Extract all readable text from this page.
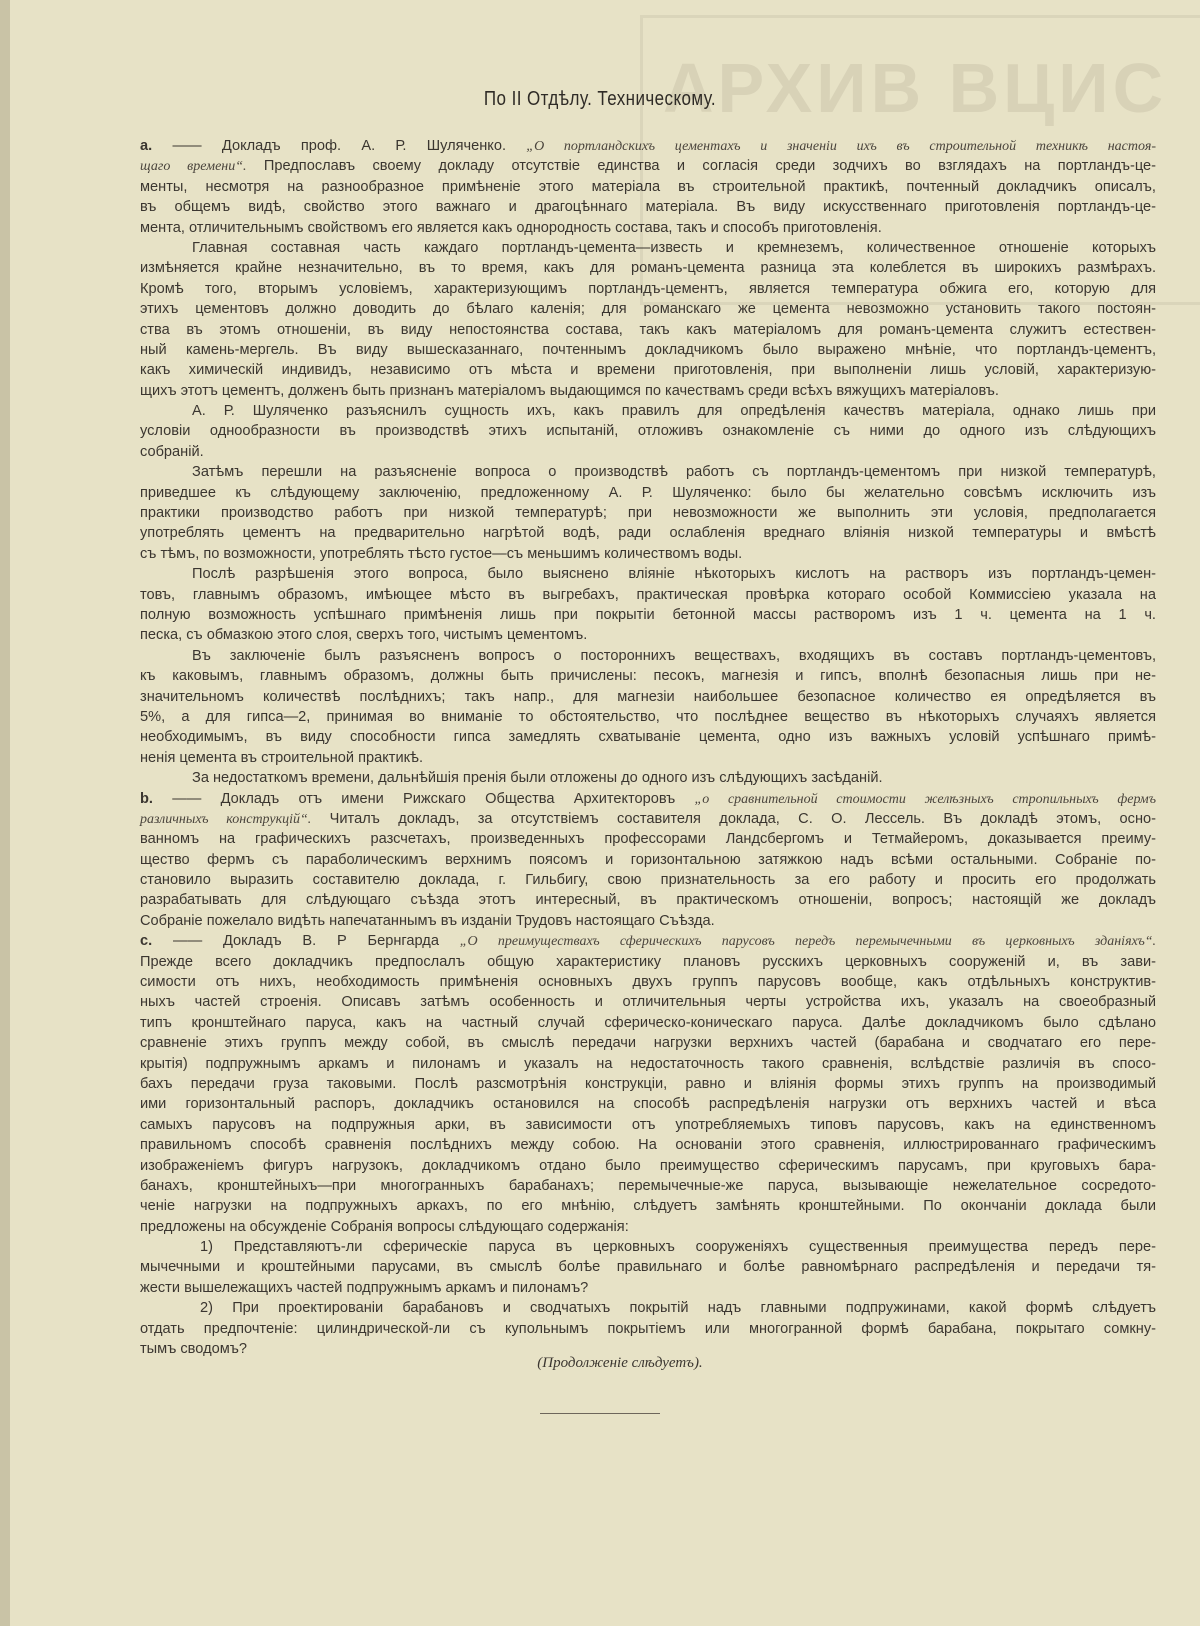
АРХИВ ВЦИС
По II Отдѣлу. Техническому.
а. —— Докладъ проф. А. Р. Шуляченко. „О портландскихъ цементахъ и значеніи ихъ въ строительной техникѣ настоя-
щаго времени“. Предпославъ своему докладу отсутствіе единства и согласія среди зодчихъ во взглядахъ на портландъ-це-
менты, несмотря на разнообразное примѣненіе этого матеріала въ строительной практикѣ, почтенный докладчикъ описалъ,
въ общемъ видѣ, свойство этого важнаго и драгоцѣннаго матеріала. Въ виду искусственнаго приготовленія портландъ-це-
мента, отличительнымъ свойствомъ его является какъ однородность состава, такъ и способъ приготовленія.
Главная составная часть каждаго портландъ-цемента—известь и кремнеземъ, количественное отношеніе которыхъ
измѣняется крайне незначительно, въ то время, какъ для романъ-цемента разница эта колеблется въ широкихъ размѣрахъ.
Кромѣ того, вторымъ условіемъ, характеризующимъ портландъ-цементъ, является температура обжига его, которую для
этихъ цементовъ должно доводить до бѣлаго каленія; для романскаго же цемента невозможно установить такого постоян-
ства въ этомъ отношеніи, въ виду непостоянства состава, такъ какъ матеріаломъ для романъ-цемента служитъ естествен-
ный камень-мергель. Въ виду вышесказаннаго, почтеннымъ докладчикомъ было выражено мнѣніе, что портландъ-цементъ,
какъ химическій индивидъ, независимо отъ мѣста и времени приготовленія, при выполненіи лишь условій, характеризую-
щихъ этотъ цементъ, долженъ быть признанъ матеріаломъ выдающимся по качествамъ среди всѣхъ вяжущихъ матеріаловъ.
А. Р. Шуляченко разъяснилъ сущность ихъ, какъ правилъ для опредѣленія качествъ матеріала, однако лишь при
условіи однообразности въ производствѣ этихъ испытаній, отложивъ ознакомленіе съ ними до одного изъ слѣдующихъ
собраній.
Затѣмъ перешли на разъясненіе вопроса о производствѣ работъ съ портландъ-цементомъ при низкой температурѣ,
приведшее къ слѣдующему заключенію, предложенному А. Р. Шуляченко: было бы желательно совсѣмъ исключить изъ
практики производство работъ при низкой температурѣ; при невозможности же выполнить эти условія, предполагается
употреблять цементъ на предварительно нагрѣтой водѣ, ради ослабленія вреднаго вліянія низкой температуры и вмѣстѣ
съ тѣмъ, по возможности, употреблять тѣсто густое—съ меньшимъ количествомъ воды.
Послѣ разрѣшенія этого вопроса, было выяснено вліяніе нѣкоторыхъ кислотъ на растворъ изъ портландъ-цемен-
товъ, главнымъ образомъ, имѣющее мѣсто въ выгребахъ, практическая провѣрка котораго особой Коммиссіею указала на
полную возможность успѣшнаго примѣненія лишь при покрытіи бетонной массы растворомъ изъ 1 ч. цемента на 1 ч.
песка, съ обмазкою этого слоя, сверхъ того, чистымъ цементомъ.
Въ заключеніе былъ разъясненъ вопросъ о постороннихъ веществахъ, входящихъ въ составъ портландъ-цементовъ,
къ каковымъ, главнымъ образомъ, должны быть причислены: песокъ, магнезія и гипсъ, вполнѣ безопасныя лишь при не-
значительномъ количествѣ послѣднихъ; такъ напр., для магнезіи наибольшее безопасное количество ея опредѣляется въ
5%, а для гипса—2, принимая во вниманіе то обстоятельство, что послѣднее вещество въ нѣкоторыхъ случаяхъ является
необходимымъ, въ виду способности гипса замедлять схватываніе цемента, одно изъ важныхъ условій успѣшнаго примѣ-
ненія цемента въ строительной практикѣ.
За недостаткомъ времени, дальнѣйшія пренія были отложены до одного изъ слѣдующихъ засѣданій.
b. —— Докладъ отъ имени Рижскаго Общества Архитекторовъ „о сравнительной стоимости желѣзныхъ стропильныхъ фермъ
различныхъ конструкцій“. Читалъ докладъ, за отсутствіемъ составителя доклада, С. О. Лессель. Въ докладѣ этомъ, осно-
ванномъ на графическихъ разсчетахъ, произведенныхъ профессорами Ландсбергомъ и Тетмайеромъ, доказывается преиму-
щество фермъ съ параболическимъ верхнимъ поясомъ и горизонтальною затяжкою надъ всѣми остальными. Собраніе по-
становило выразить составителю доклада, г. Гильбигу, свою признательность за его работу и просить его продолжать
разрабатывать для слѣдующаго съѣзда этотъ интересный, въ практическомъ отношеніи, вопросъ; настоящій же докладъ
Собраніе пожелало видѣть напечатаннымъ въ изданіи Трудовъ настоящаго Съѣзда.
c. —— Докладъ В. Р Бернгарда „О преимуществахъ сферическихъ парусовъ передъ перемычечными въ церковныхъ зданіяхъ“.
Прежде всего докладчикъ предпослалъ общую характеристику плановъ русскихъ церковныхъ сооруженій и, въ зави-
симости отъ нихъ, необходимость примѣненія основныхъ двухъ группъ парусовъ вообще, какъ отдѣльныхъ конструктив-
ныхъ частей строенія. Описавъ затѣмъ особенность и отличительныя черты устройства ихъ, указалъ на своеобразный
типъ кронштейнаго паруса, какъ на частный случай сферическо-коническаго паруса. Далѣе докладчикомъ было сдѣлано
сравненіе этихъ группъ между собой, въ смыслѣ передачи нагрузки верхнихъ частей (барабана и сводчатаго его пере-
крытія) подпружнымъ аркамъ и пилонамъ и указалъ на недостаточность такого сравненія, вслѣдствіе различія въ спосо-
бахъ передачи груза таковыми. Послѣ разсмотрѣнія конструкціи, равно и вліянія формы этихъ группъ на производимый
ими горизонтальный распоръ, докладчикъ остановился на способѣ распредѣленія нагрузки отъ верхнихъ частей и вѣса
самыхъ парусовъ на подпружныя арки, въ зависимости отъ употребляемыхъ типовъ парусовъ, какъ на единственномъ
правильномъ способѣ сравненія послѣднихъ между собою. На основаніи этого сравненія, иллюстрированнаго графическимъ
изображеніемъ фигуръ нагрузокъ, докладчикомъ отдано было преимущество сферическимъ парусамъ, при круговыхъ бара-
банахъ, кронштейныхъ—при многогранныхъ барабанахъ; перемычечные-же паруса, вызывающіе нежелательное сосредото-
ченіе нагрузки на подпружныхъ аркахъ, по его мнѣнію, слѣдуетъ замѣнять кронштейными. По окончаніи доклада были
предложены на обсужденіе Собранія вопросы слѣдующаго содержанія:
1) Представляютъ-ли сферическіе паруса въ церковныхъ сооруженіяхъ существенныя преимущества передъ пере-
мычечными и кроштейными парусами, въ смыслѣ болѣе правильнаго и болѣе равномѣрнаго распредѣленія и передачи тя-
жести вышележащихъ частей подпружнымъ аркамъ и пилонамъ?
2) При проектированіи барабановъ и сводчатыхъ покрытій надъ главными подпружинами, какой формѣ слѣдуетъ
отдать предпочтеніе: цилиндрической-ли съ купольнымъ покрытіемъ или многогранной формѣ барабана, покрытаго сомкну-
тымъ сводомъ?
(Продолженіе слѣдуетъ).
